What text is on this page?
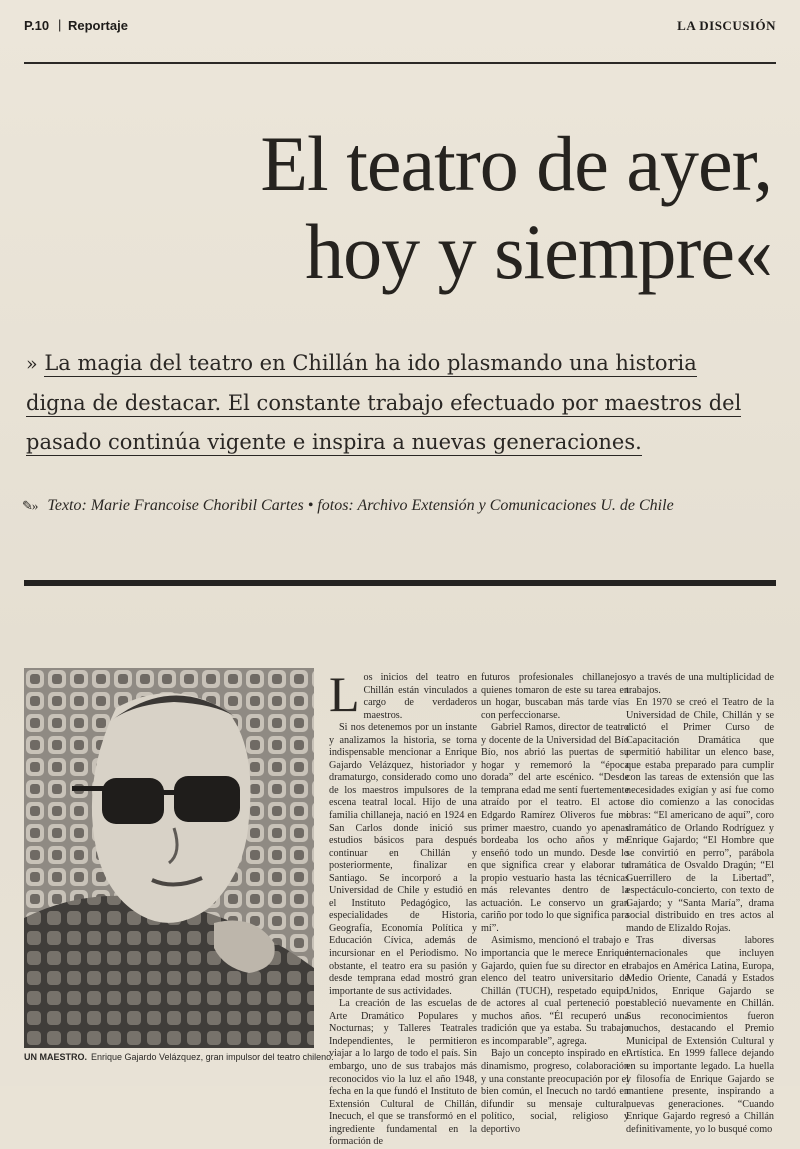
P.10 | Reportaje	LA DISCUSIÓN
El teatro de ayer,
hoy y siempre«
» La magia del teatro en Chillán ha ido plasmando una historia
digna de destacar. El constante trabajo efectuado por maestros del
pasado continúa vigente e inspira a nuevas generaciones.
✎» Texto: Marie Francoise Choribil Cartes • fotos: Archivo Extensión y Comunicaciones U. de Chile
UN MAESTRO. Enrique Gajardo Velázquez, gran impulsor del teatro chileno.

Los inicios del teatro en Chillán están vinculados a cargo de verdaderos maestros.

Si nos detenemos por un instante y analizamos la historia, se torna indispensable mencionar a Enrique Gajardo Velázquez, historiador y dramaturgo, considerado como uno de los maestros impulsores de la escena teatral local. Hijo de una familia chillaneja, nació en 1924 en San Carlos donde inició sus estudios básicos para después continuar en Chillán y posteriormente, finalizar en Santiago. Se incorporó a la Universidad de Chile y estudió en el Instituto Pedagógico, las especialidades de Historia, Geografía, Economía Política y Educación Cívica, además de incursionar en el Periodismo. No obstante, el teatro era su pasión y desde temprana edad mostró gran importante de sus actividades.

La creación de las escuelas de Arte Dramático Populares y Nocturnas; y Talleres Teatrales Independientes, le permitieron viajar a lo largo de todo el país. Sin embargo, uno de sus trabajos más reconocidos vio la luz el año 1948, fecha en la que fundó el Instituto de Extensión Cultural de Chillán, Inecuch, el que se transformó en el ingrediente fundamental en la formación de

futuros profesionales chillanejos, quienes tomaron de este su tarea en un hogar, buscaban más tarde vías con perfeccionarse.

Gabriel Ramos, director de teatro y docente de la Universidad del Bío Bío, nos abrió las puertas de su hogar y rememoró la “época dorada” del arte escénico. “Desde temprana edad me sentí fuertemente atraído por el teatro. El actor Edgardo Ramírez Oliveros fue mi primer maestro, cuando yo apenas bordeaba los ocho años y me enseñó todo un mundo. Desde lo que significa crear y elaborar tu propio vestuario hasta las técnicas más relevantes dentro de la actuación. Le conservo un gran cariño por todo lo que significa para mí”.

Asimismo, mencionó el trabajo e importancia que le merece Enrique Gajardo, quien fue su director en el elenco del teatro universitario de Chillán (TUCH), respetado equipo de actores al cual perteneció por muchos años. “Él recuperó una tradición que ya estaba. Su trabajo es incomparable”, agrega.

Bajo un concepto inspirado en el dinamismo, progreso, colaboración y una constante preocupación por el bien común, el Inecuch no tardó en difundir su mensaje cultural, político, social, religioso y deportivo

vo a través de una multiplicidad de trabajos.

En 1970 se creó el Teatro de la Universidad de Chile, Chillán y se dictó el Primer Curso de Capacitación Dramática que permitió habilitar un elenco base, que estaba preparado para cumplir con las tareas de extensión que las necesidades exigían y así fue como se dio comienzo a las conocidas obras: “El americano de aquí”, coro dramático de Orlando Rodríguez y Enrique Gajardo; “El Hombre que se convirtió en perro”, parábola dramática de Osvaldo Dragún; “El Guerrillero de la Libertad”, espectáculo-concierto, con texto de Gajardo; y “Santa María”, drama social distribuido en tres actos al mando de Elizaldo Rojas.

Tras diversas labores internacionales que incluyen trabajos en América Latina, Europa, Medio Oriente, Canadá y Estados Unidos, Enrique Gajardo se estableció nuevamente en Chillán. Sus reconocimientos fueron muchos, destacando el Premio Municipal de Extensión Cultural y Artística. En 1999 fallece dejando en su importante legado. La huella y filosofía de Enrique Gajardo se mantiene presente, inspirando a nuevas generaciones. “Cuando Enrique Gajardo regresó a Chillán definitivamente, yo lo busqué como
